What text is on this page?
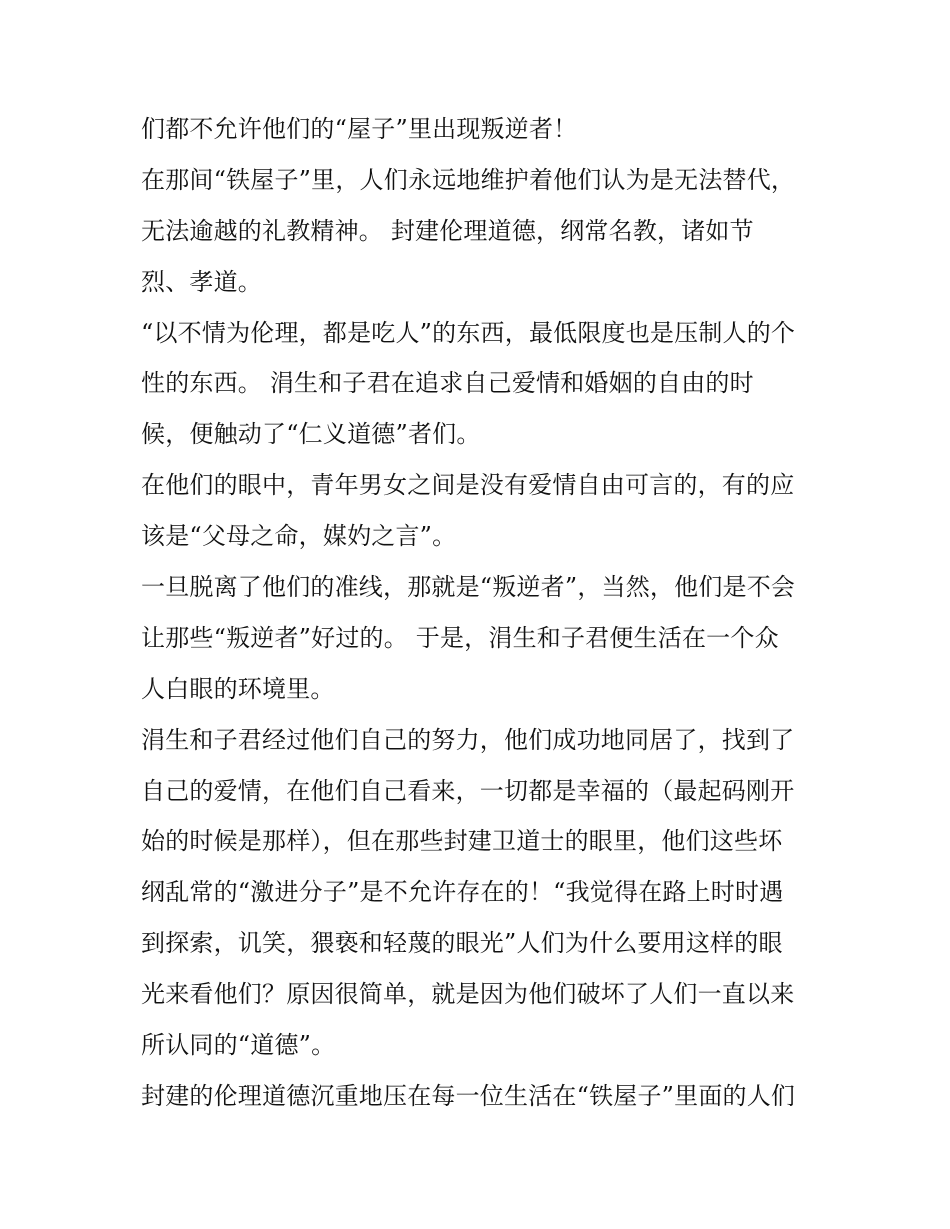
们都不允许他们的“屋子”里出现叛逆者！
在那间“铁屋子”里，人们永远地维护着他们认为是无法替代，
无法逾越的礼教精神。 封建伦理道德，纲常名教，诸如节
烈、孝道。
“以不情为伦理，都是吃人”的东西，最低限度也是压制人的个
性的东西。 涓生和子君在追求自己爱情和婚姻的自由的时
候，便触动了“仁义道德”者们。
在他们的眼中，青年男女之间是没有爱情自由可言的，有的应
该是“父母之命，媒妁之言”。
一旦脱离了他们的准线，那就是“叛逆者”，当然，他们是不会
让那些“叛逆者”好过的。 于是，涓生和子君便生活在一个众
人白眼的环境里。
涓生和子君经过他们自己的努力，他们成功地同居了，找到了
自己的爱情，在他们自己看来，一切都是幸福的（最起码刚开
始的时候是那样），但在那些封建卫道士的眼里，他们这些坏
纲乱常的“激进分子”是不允许存在的！“我觉得在路上时时遇
到探索，讥笑，猥亵和轻蔑的眼光”人们为什么要用这样的眼
光来看他们？原因很简单，就是因为他们破坏了人们一直以来
所认同的“道德”。
封建的伦理道德沉重地压在每一位生活在“铁屋子”里面的人们
